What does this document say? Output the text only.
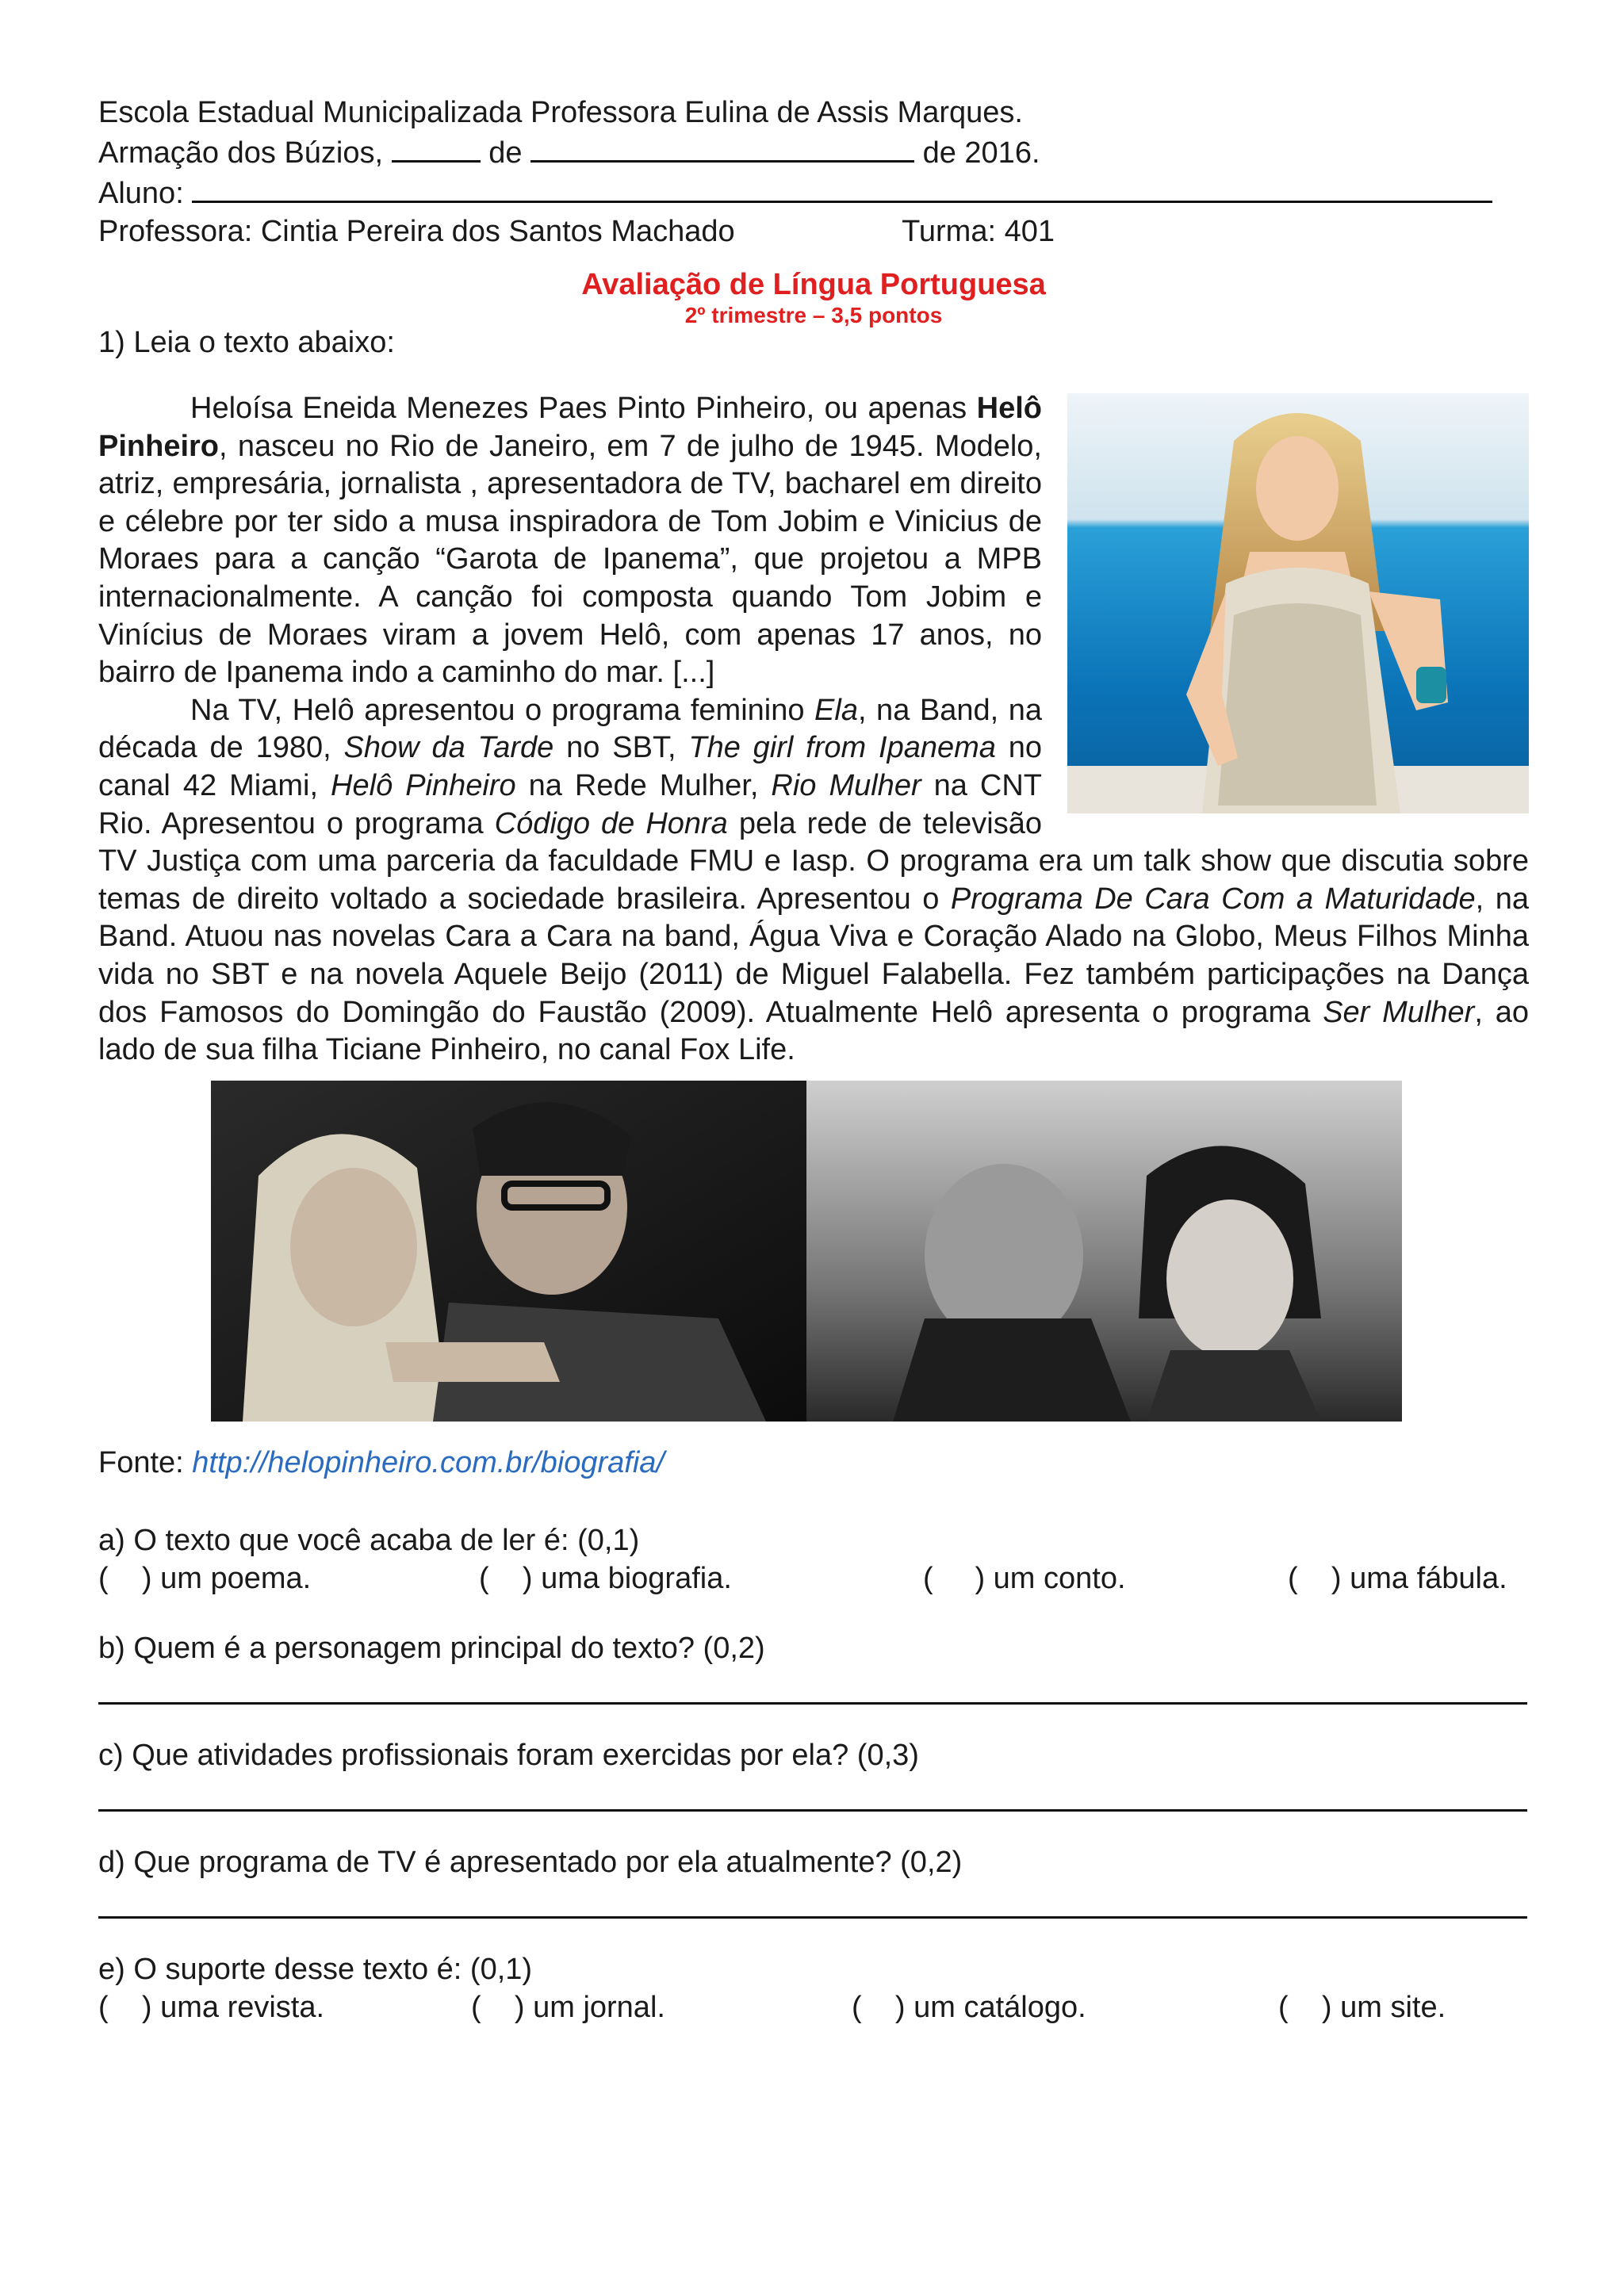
Escola Estadual Municipalizada Professora Eulina de Assis Marques.
Armação dos Búzios,	de	de 2016.
Aluno:
Professora: Cintia Pereira dos Santos Machado	Turma: 401
Avaliação de Língua Portuguesa
2º trimestre – 3,5 pontos
1) Leia o texto abaixo:

Heloísa Eneida Menezes Paes Pinto Pinheiro, ou apenas Helô Pinheiro, nasceu no Rio de Janeiro, em 7 de julho de 1945. Modelo, atriz, empresária, jornalista , apresentadora de TV, bacharel em direito e célebre por ter sido a musa inspiradora de Tom Jobim e Vinicius de Moraes para a canção “Garota de Ipanema”, que projetou a MPB internacionalmente. A canção foi composta quando Tom Jobim e Vinícius de Moraes viram a jovem Helô, com apenas 17 anos, no bairro de Ipanema indo a caminho do mar. [...]

Na TV, Helô apresentou o programa feminino Ela, na Band, na década de 1980, Show da Tarde no SBT, The girl from Ipanema no canal 42 Miami, Helô Pinheiro na Rede Mulher, Rio Mulher na CNT Rio. Apresentou o programa Código de Honra pela rede de televisão TV Justiça com uma parceria da faculdade FMU e Iasp. O programa era um talk show que discutia sobre temas de direito voltado a sociedade brasileira. Apresentou o Programa De Cara Com a Maturidade, na Band. Atuou nas novelas Cara a Cara na band, Água Viva e Coração Alado na Globo, Meus Filhos Minha vida no SBT e na novela Aquele Beijo (2011) de Miguel Falabella. Fez também participações na Dança dos Famosos do Domingão do Faustão (2009). Atualmente Helô apresenta o programa Ser Mulher, ao lado de sua filha Ticiane Pinheiro, no canal Fox Life.

Fonte: http://helopinheiro.com.br/biografia/
a) O texto que você acaba de ler é: (0,1)
(    ) um poema.	(    ) uma biografia.	(     ) um conto.	(    ) uma fábula.
b) Quem é a personagem principal do texto? (0,2)
c) Que atividades profissionais foram exercidas por ela? (0,3)
d) Que programa de TV é apresentado por ela atualmente? (0,2)
e) O suporte desse texto é: (0,1)
(    ) uma revista.	(    ) um jornal.	(    ) um catálogo.	(    ) um site.
